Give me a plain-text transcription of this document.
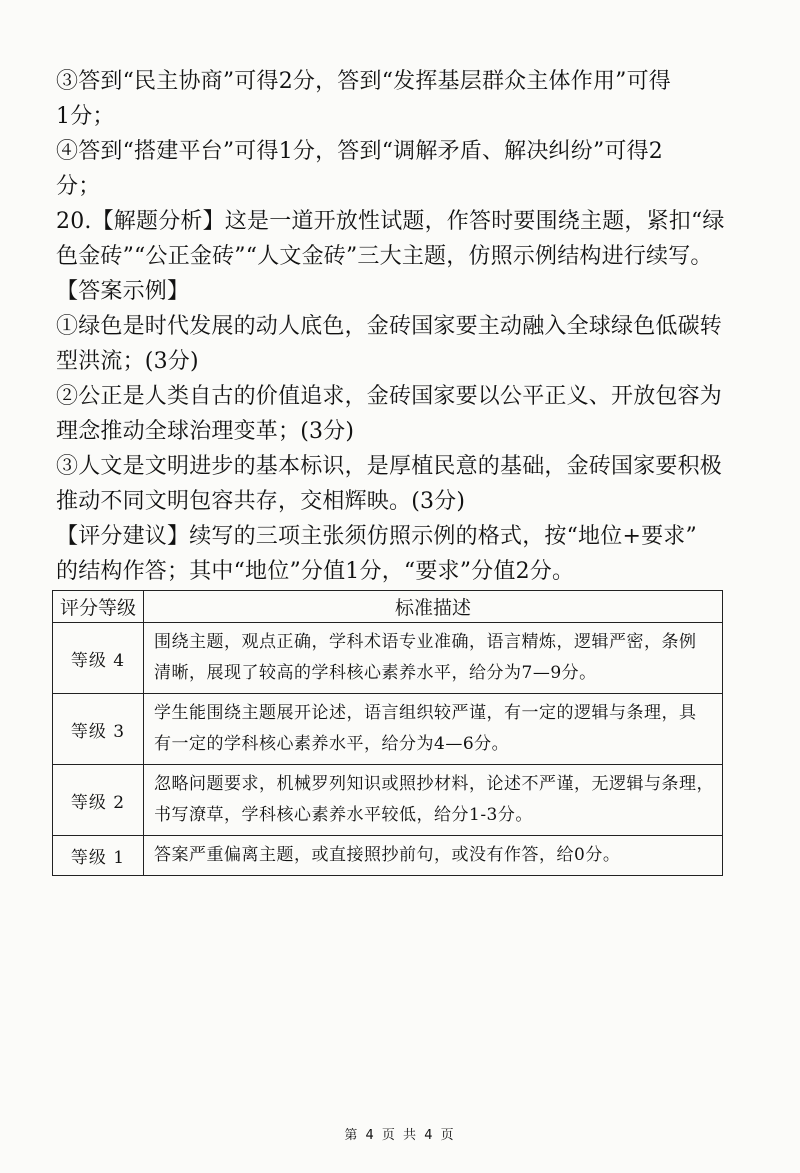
③答到“民主协商”可得2分，答到“发挥基层群众主体作用”可得
1分；
④答到“搭建平台”可得1分，答到“调解矛盾、解决纠纷”可得2
分；
20.【解题分析】这是一道开放性试题，作答时要围绕主题，紧扣“绿
色金砖”“公正金砖”“人文金砖”三大主题，仿照示例结构进行续写。
【答案示例】
①绿色是时代发展的动人底色，金砖国家要主动融入全球绿色低碳转
型洪流；(3分)
②公正是人类自古的价值追求，金砖国家要以公平正义、开放包容为
理念推动全球治理变革；(3分)
③人文是文明进步的基本标识，是厚植民意的基础，金砖国家要积极
推动不同文明包容共存，交相辉映。(3分)
【评分建议】续写的三项主张须仿照示例的格式，按“地位+要求”
的结构作答；其中“地位”分值1分，“要求”分值2分。
评分等级	标准描述
等级 4	围绕主题，观点正确，学科术语专业准确，语言精炼，逻辑严密，条例
清晰，展现了较高的学科核心素养水平，给分为7—9分。

等级 3	学生能围绕主题展开论述，语言组织较严谨，有一定的逻辑与条理，具
有一定的学科核心素养水平，给分为4—6分。

等级 2	忽略问题要求，机械罗列知识或照抄材料，论述不严谨，无逻辑与条理，
书写潦草，学科核心素养水平较低，给分1-3分。

等级 1	答案严重偏离主题，或直接照抄前句，或没有作答，给0分。
第 4 页 共 4 页
